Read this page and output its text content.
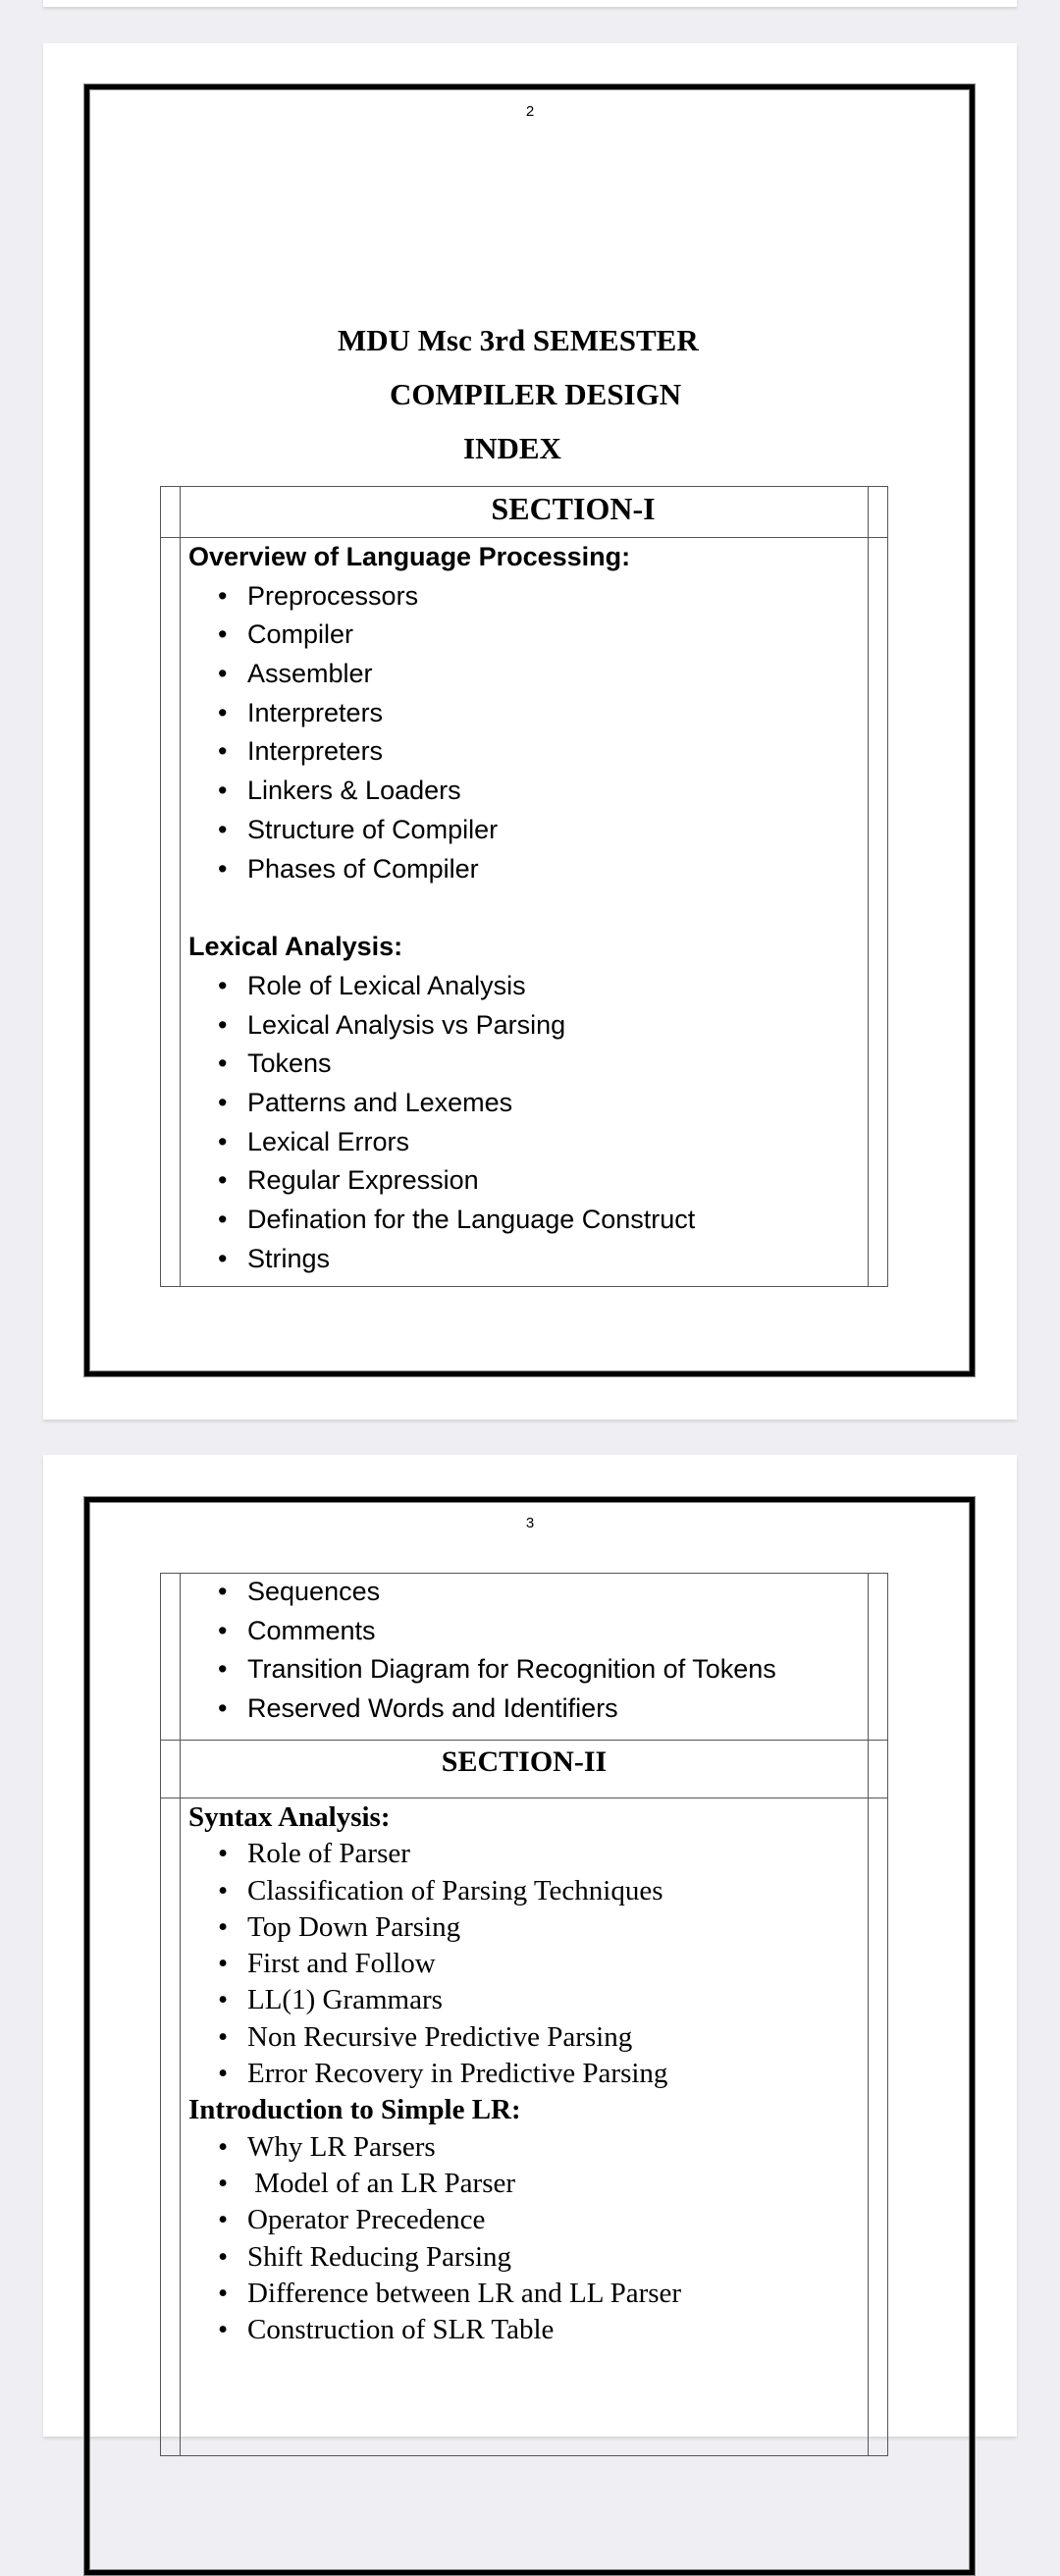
2
MDU Msc 3rd SEMESTER
COMPILER DESIGN
INDEX
SECTION-I
Overview of Language Processing:
• Preprocessors
• Compiler
• Assembler
• Interpreters
• Interpreters
• Linkers & Loaders
• Structure of Compiler
• Phases of Compiler
Lexical Analysis:
• Role of Lexical Analysis
• Lexical Analysis vs Parsing
• Tokens
• Patterns and Lexemes
• Lexical Errors
• Regular Expression
• Defination for the Language Construct
• Strings
3
• Sequences
• Comments
• Transition Diagram for Recognition of Tokens
• Reserved Words and Identifiers
SECTION-II
Syntax Analysis:
• Role of Parser
• Classification of Parsing Techniques
• Top Down Parsing
• First and Follow
• LL(1) Grammars
• Non Recursive Predictive Parsing
• Error Recovery in Predictive Parsing
Introduction to Simple LR:
• Why LR Parsers
• Model of an LR Parser
• Operator Precedence
• Shift Reducing Parsing
• Difference between LR and LL Parser
• Construction of SLR Table
